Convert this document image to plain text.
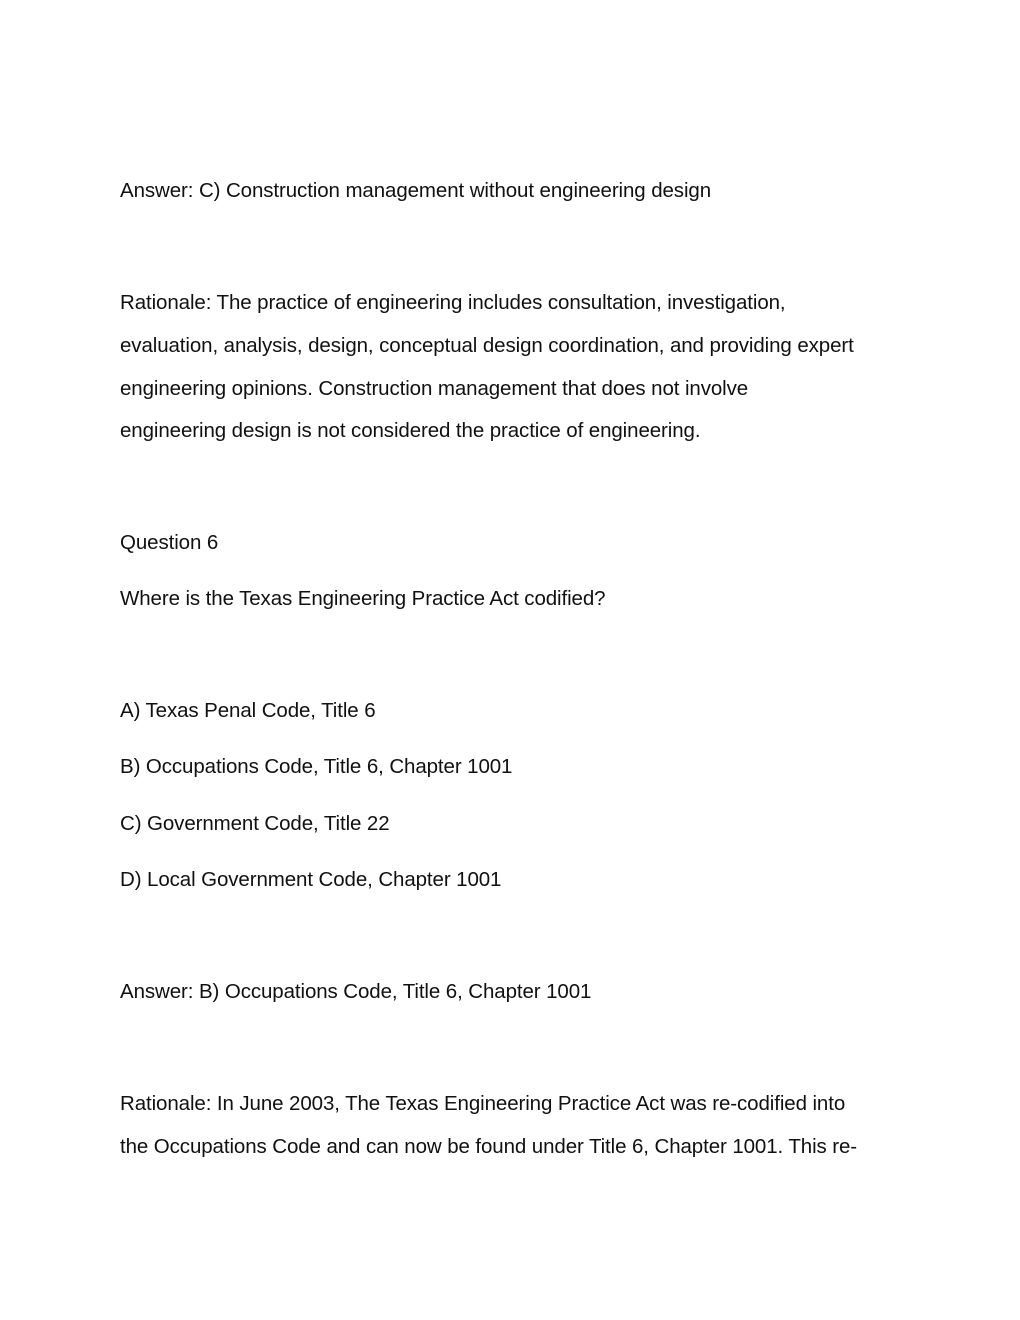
Answer: C) Construction management without engineering design
Rationale: The practice of engineering includes consultation, investigation,
evaluation, analysis, design, conceptual design coordination, and providing expert
engineering opinions. Construction management that does not involve
engineering design is not considered the practice of engineering.
Question 6
Where is the Texas Engineering Practice Act codified?
A) Texas Penal Code, Title 6
B) Occupations Code, Title 6, Chapter 1001
C) Government Code, Title 22
D) Local Government Code, Chapter 1001
Answer: B) Occupations Code, Title 6, Chapter 1001
Rationale: In June 2003, The Texas Engineering Practice Act was re-codified into
the Occupations Code and can now be found under Title 6, Chapter 1001. This re-
